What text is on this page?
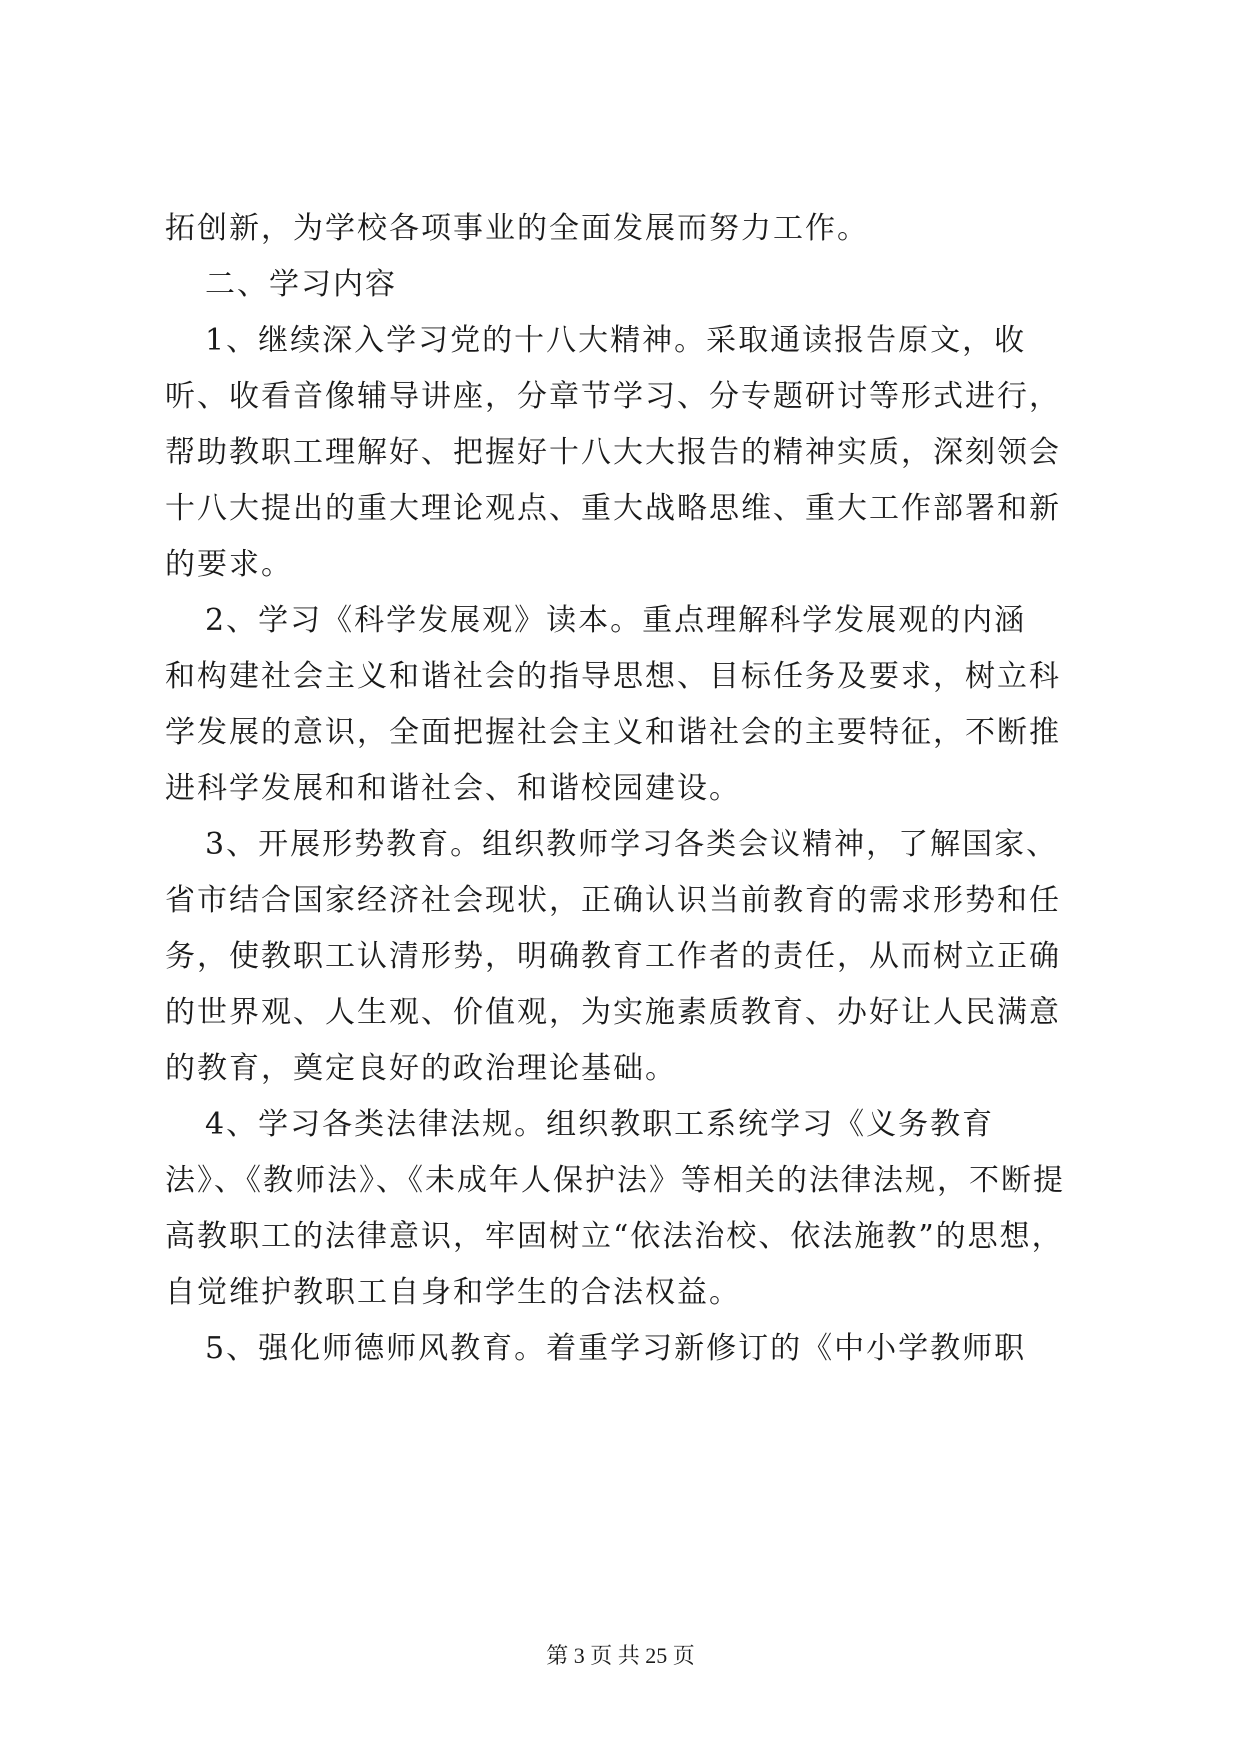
拓创新，为学校各项事业的全面发展而努力工作。

二、学习内容

1、继续深入学习党的十八大精神。采取通读报告原文，收

听、收看音像辅导讲座，分章节学习、分专题研讨等形式进行，

帮助教职工理解好、把握好十八大大报告的精神实质，深刻领会

十八大提出的重大理论观点、重大战略思维、重大工作部署和新

的要求。

2、学习《科学发展观》读本。重点理解科学发展观的内涵

和构建社会主义和谐社会的指导思想、目标任务及要求，树立科

学发展的意识，全面把握社会主义和谐社会的主要特征，不断推

进科学发展和和谐社会、和谐校园建设。

3、开展形势教育。组织教师学习各类会议精神，了解国家、

省市结合国家经济社会现状，正确认识当前教育的需求形势和任

务，使教职工认清形势，明确教育工作者的责任，从而树立正确

的世界观、人生观、价值观，为实施素质教育、办好让人民满意

的教育，奠定良好的政治理论基础。

4、学习各类法律法规。组织教职工系统学习《义务教育

法》、《教师法》、《未成年人保护法》等相关的法律法规，不断提

高教职工的法律意识，牢固树立“依法治校、依法施教”的思想，

自觉维护教职工自身和学生的合法权益。

5、强化师德师风教育。着重学习新修订的《中小学教师职

第 3 页 共 25 页
